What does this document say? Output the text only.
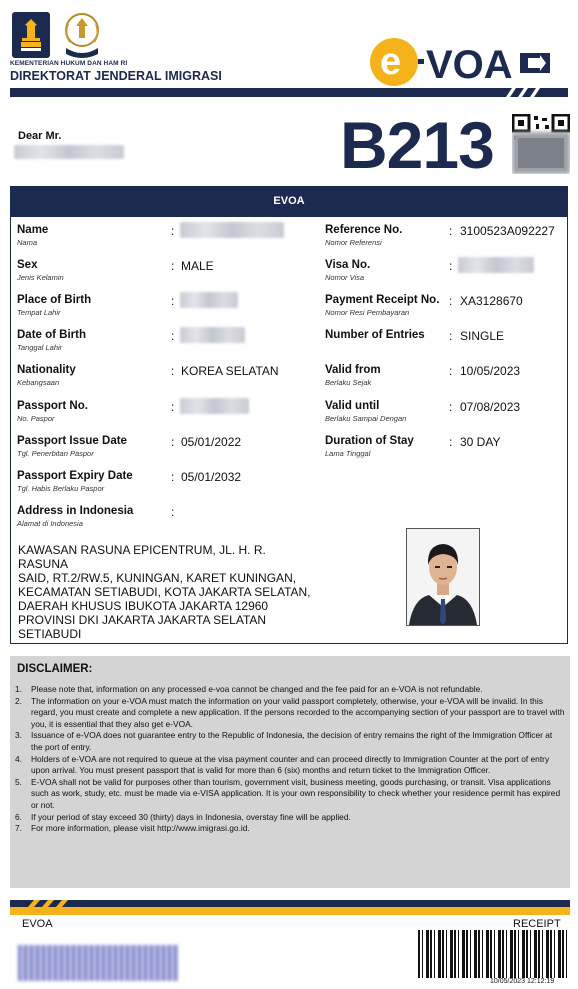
KEMENTERIAN HUKUM DAN HAM RI
DIREKTORAT JENDERAL IMIGRASI	e VOA
Dear Mr.	B213
EVOA
Name
Nama
:
Sex
Jenis Kelamin
: MALE
Place of Birth
Tempat Lahir
:
Date of Birth
Tanggal Lahir
:
Nationality
Kebangsaan
: KOREA SELATAN
Passport No.
No. Paspor
:
Passport Issue Date
Tgl. Penerbitan Paspor
: 05/01/2022
Passport Expiry Date
Tgl. Habis Berlaku Paspor
: 05/01/2032
Address in Indonesia
Alamat di Indonesia
:
Reference No.
Nomor Referensi
: 3100523A092227
Visa No.
Nomor Visa
:
Payment Receipt No.
Nomor Resi Pembayaran
: XA3128670
Number of Entries : SINGLE
Valid from
Berlaku Sejak
: 10/05/2023
Valid until
Berlaku Sampai Dengan
: 07/08/2023
Duration of Stay
Lama Tinggal
: 30 DAY
KAWASAN RASUNA EPICENTRUM, JL. H. R. RASUNA
SAID, RT.2/RW.5, KUNINGAN, KARET KUNINGAN,
KECAMATAN SETIABUDI, KOTA JAKARTA SELATAN,
DAERAH KHUSUS IBUKOTA JAKARTA 12960
PROVINSI DKI JAKARTA JAKARTA SELATAN
SETIABUDI
DISCLAIMER:
1.	Please note that, information on any processed e-voa cannot be changed and the fee paid for an e-VOA is not refundable.
2.	The information on your e-VOA must match the information on your valid passport completely, otherwise, your e-VOA will be invalid. In this regard, you must create and complete a new application. If the persons recorded to the accompanying section of your passport are to travel with you, it is essential that they also get e-VOA.
3.	Issuance of e-VOA does not guarantee entry to the Republic of Indonesia, the decision of entry remains the right of the Immigration Officer at the port of entry.
4.	Holders of e-VOA are not required to queue at the visa payment counter and can proceed directly to Immigration Counter at the port of entry upon arrival. You must present passport that is valid for more than 6 (six) months and return ticket to the Immigration Officer.
5.	E-VOA shall not be valid for purposes other than tourism, government visit, business meeting, goods purchasing, or transit. Visa applications such as work, study, etc. must be made via e-VISA application. It is your own responsibility to check whether your residence permit has expired or not.
6.	If your period of stay exceed 30 (thirty) days in Indonesia, overstay fine will be applied.
7.	For more information, please visit http://www.imigrasi.go.id.
EVOA	RECEIPT
10/05/2023 12:12:19
